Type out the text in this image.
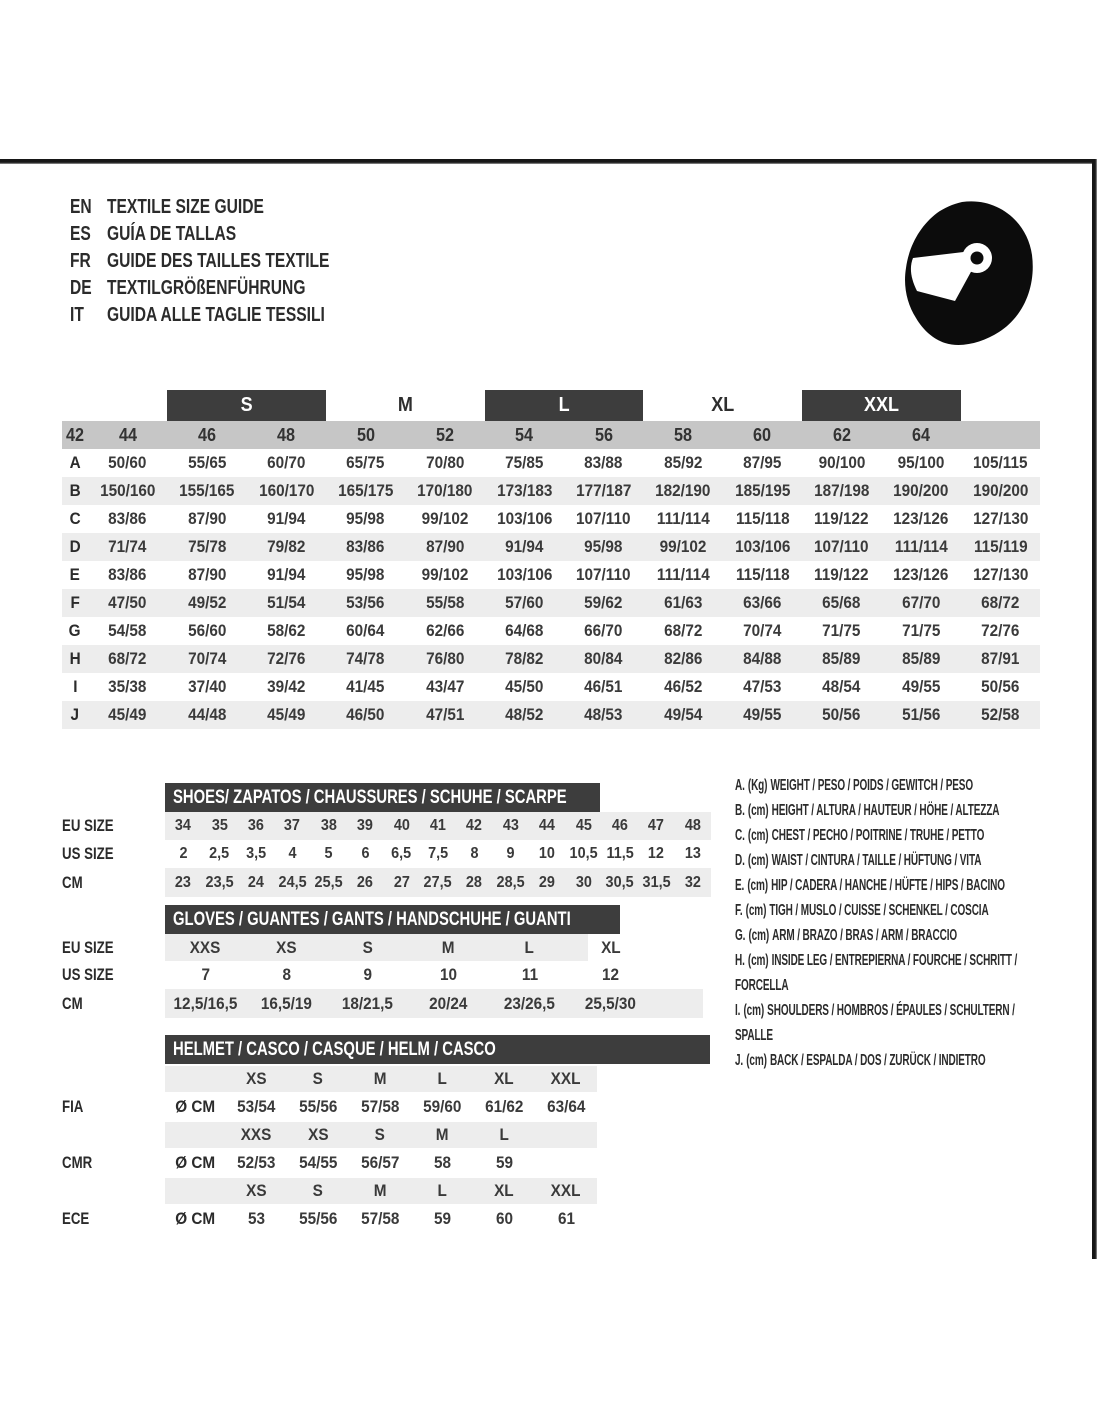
EN TEXTILE SIZE GUIDE
ES GUÍA DE TALLAS
FR GUIDE DES TAILLES TEXTILE
DE TEXTILGRÖßENFÜHRUNG
IT	GUIDA ALLE TAGLIE TESSILI
S	M	L	XL	XXL
42 44	46	48	50	52	54	56	58	60	62	64
A 50/60 55/65 60/70 65/75 70/80 75/85 83/88 85/92 87/95 90/100 95/100 105/115
B 150/160 155/165 160/170 165/175 170/180 173/183 177/187 182/190 185/195 187/198 190/200 190/200
C 83/86 87/90 91/94 95/98 99/102 103/106 107/110 111/114 115/118 119/122 123/126 127/130
D 71/74 75/78 79/82 83/86 87/90 91/94 95/98 99/102 103/106 107/110 111/114 115/119
E 83/86 87/90 91/94 95/98 99/102 103/106 107/110 111/114 115/118 119/122 123/126 127/130
F 47/50 49/52 51/54 53/56 55/58 57/60 59/62 61/63 63/66 65/68 67/70 68/72
G 54/58 56/60 58/62 60/64 62/66 64/68 66/70 68/72 70/74 71/75 71/75 72/76
H 68/72 70/74 72/76 74/78 76/80 78/82 80/84 82/86 84/88 85/89 85/89 87/91
I 35/38 37/40 39/42 41/45 43/47 45/50 46/51 46/52 47/53 48/54 49/55 50/56
J 45/49 44/48 45/49 46/50 47/51 48/52 48/53 49/54 49/55 50/56 51/56 52/58
SHOES/ ZAPATOS / CHAUSSURES / SCHUHE / SCARPE
EU SIZE	34 35 36 37 38 39 40 41 42 43 44 45 46 47 48
US SIZE	2 2,5 3,5 4 5 6 6,5 7,5 8 9 10 10,5 11,5 12 13
CM	23 23,5 24 24,5 25,5 26 27 27,5 28 28,5 29 30 30,5 31,5 32
GLOVES / GUANTES / GANTS / HANDSCHUHE / GUANTI
EU SIZE	XXS	XS	S	M	L	XL
US SIZE	7	8	9	10	11	12
CM	12,5/16,5 16,5/19 18/21,5 20/24 23/26,5 25,5/30
HELMET / CASCO / CASQUE / HELM / CASCO
XS	S	M	L	XL XXL
FIA	Ø CM 53/54 55/56 57/58 59/60 61/62 63/64
XXS XS	S	M	L
CMR	Ø CM 52/53 54/55 56/57 58	59
XS	S	M	L	XL XXL
ECE	Ø CM 53 55/56 57/58 59	60	61
A. (Kg) WEIGHT / PESO / POIDS / GEWITCH / PESO
B. (cm) HEIGHT / ALTURA / HAUTEUR / HÖHE / ALTEZZA
C. (cm) CHEST / PECHO / POITRINE / TRUHE / PETTO
D. (cm) WAIST / CINTURA / TAILLE / HÜFTUNG / VITA
E. (cm) HIP / CADERA / HANCHE / HÜFTE / HIPS / BACINO
F. (cm) TIGH / MUSLO / CUISSE / SCHENKEL / COSCIA
G. (cm) ARM / BRAZO / BRAS / ARM / BRACCIO
H. (cm) INSIDE LEG / ENTREPIERNA / FOURCHE / SCHRITT / FORCELLA
I. (cm) SHOULDERS / HOMBROS / ÉPAULES / SCHULTERN / SPALLE
J. (cm) BACK / ESPALDA / DOS / ZURÜCK / INDIETRO
